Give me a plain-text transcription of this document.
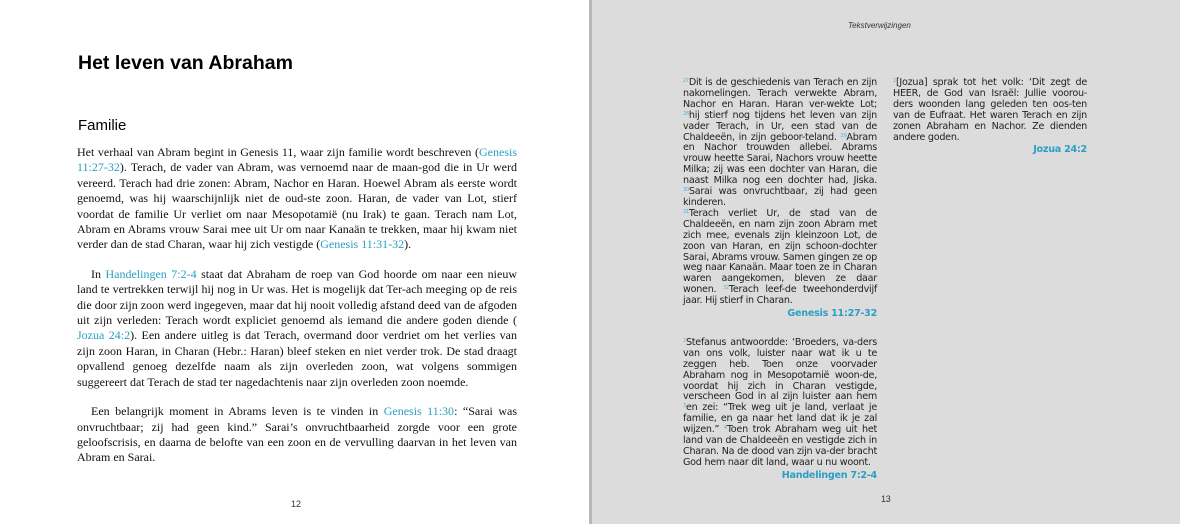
Het leven van Abraham
Familie

Het verhaal van Abram begint in Genesis 11, waar zijn familie wordt beschreven (Genesis 11:27-32). Terach, de vader van Abram, was vernoemd naar de maan-god die in Ur werd vereerd. Terach had drie zonen: Abram, Nachor en Haran. Hoewel Abram als eerste wordt genoemd, was hij waarschijnlijk niet de oud-ste zoon. Haran, de vader van Lot, stierf voordat de familie Ur verliet om naar Mesopotamië (nu Irak) te gaan. Terach nam Lot, Abram en Abrams vrouw Sarai mee uit Ur om naar Kanaän te trekken, maar hij kwam niet verder dan de stad Charan, waar hij zich vestigde (Genesis 11:31-32).

In Handelingen 7:2-4 staat dat Abraham de roep van God hoorde om naar een nieuw land te vertrekken terwijl hij nog in Ur was. Het is mogelijk dat Ter-ach meeging op de reis die door zijn zoon werd ingegeven, maar dat hij nooit volledig afstand deed van de afgoden uit zijn verleden: Terach wordt expliciet genoemd als iemand die andere goden diende ( Jozua 24:2). Een andere uitleg is dat Terach, overmand door verdriet om het verlies van zijn zoon Haran, in Charan (Hebr.: Haran) bleef steken en niet verder trok. De stad draagt opvallend genoeg dezelfde naam als zijn overleden zoon, wat volgens sommigen suggereert dat Terach de stad ter nagedachtenis naar zijn overleden zoon noemde.

Een belangrijk moment in Abrams leven is te vinden in Genesis 11:30: “Sarai was onvruchtbaar; zij had geen kind.” Sarai’s onvruchtbaarheid zorgde voor een grote geloofscrisis, en daarna de belofte van een zoon en de vervulling daarvan in het leven van Abram en Sarai.

12
Tekstverwijzingen

$^{27}$Dit is de geschiedenis van Terach en zijn nakomelingen. Terach verwekte Abram, Nachor en Haran. Haran ver-wekte Lot; $^{28}$hij stierf nog tijdens het leven van zijn vader Terach, in Ur, een stad van de Chaldeeën, in zijn geboor-teland. $^{29}$Abram en Nachor trouwden allebei. Abrams vrouw heette Sarai, Nachors vrouw heette Milka; zij was een dochter van Haran, die naast Milka nog een dochter had, Jiska. $^{30}$Sarai was onvruchtbaar, zij had geen kinderen.

$^{31}$Terach verliet Ur, de stad van de Chaldeeën, en nam zijn zoon Abram met zich mee, evenals zijn kleinzoon Lot, de zoon van Haran, en zijn schoon-dochter Sarai, Abrams vrouw. Samen gingen ze op weg naar Kanaän. Maar toen ze in Charan waren aangekomen, bleven ze daar wonen. $^{32}$Terach leef-de tweehonderdvijf jaar. Hij stierf in Charan.

Genesis 11:27-32

$^2$Stefanus antwoordde: ‘Broeders, va-ders van ons volk, luister naar wat ik u te zeggen heb. Toen onze voorvader Abraham nog in Mesopotamië woon-de, voordat hij zich in Charan vestigde, verscheen God in al zijn luister aan hem $^3$en zei: “Trek weg uit je land, verlaat je familie, en ga naar het land dat ik je zal wijzen.” $^4$Toen trok Abraham weg uit het land van de Chaldeeën en vestigde zich in Charan. Na de dood van zijn va-der bracht God hem naar dit land, waar u nu woont.

Handelingen 7:2-4
13

$^2$[Jozua] sprak tot het volk: ‘Dit zegt de HEER, de God van Israël: Jullie voorou-ders woonden lang geleden ten oos-ten van de Eufraat. Het waren Terach en zijn zonen Abraham en Nachor. Ze dienden andere goden.

Jozua 24:2
